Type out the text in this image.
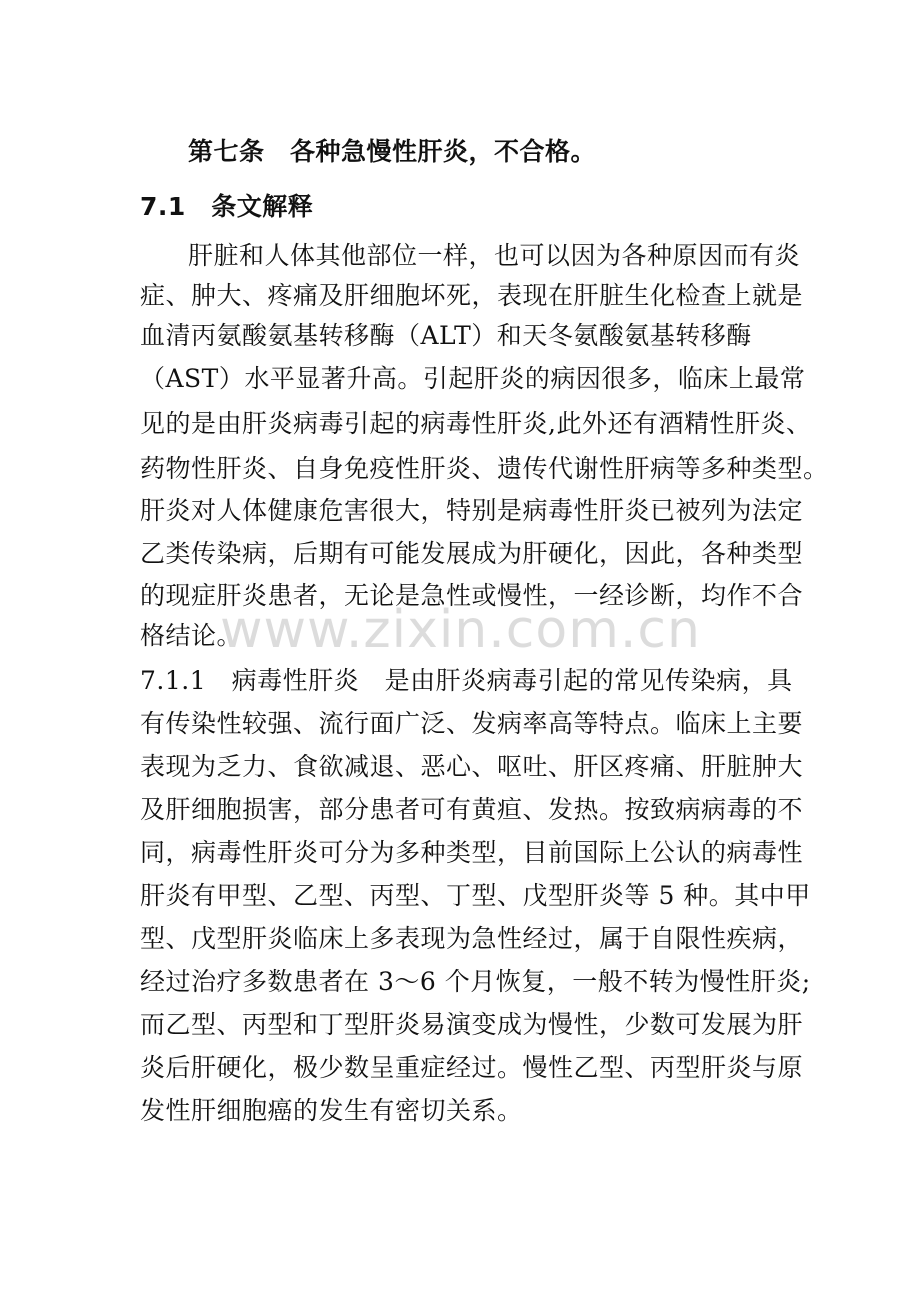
www.zixin.com.cn
第七条　各种急慢性肝炎，不合格。
7.1　条文解释
肝脏和人体其他部位一样，也可以因为各种原因而有炎
症、肿大、疼痛及肝细胞坏死，表现在肝脏生化检查上就是
血清丙氨酸氨基转移酶（ALT）和天冬氨酸氨基转移酶
（AST）水平显著升高。引起肝炎的病因很多，临床上最常
见的是由肝炎病毒引起的病毒性肝炎,此外还有酒精性肝炎、
药物性肝炎、自身免疫性肝炎、遗传代谢性肝病等多种类型。
肝炎对人体健康危害很大，特别是病毒性肝炎已被列为法定
乙类传染病，后期有可能发展成为肝硬化，因此，各种类型
的现症肝炎患者，无论是急性或慢性，一经诊断，均作不合
格结论。
7.1.1　病毒性肝炎　是由肝炎病毒引起的常见传染病，具
有传染性较强、流行面广泛、发病率高等特点。临床上主要
表现为乏力、食欲减退、恶心、呕吐、肝区疼痛、肝脏肿大
及肝细胞损害，部分患者可有黄疸、发热。按致病病毒的不
同，病毒性肝炎可分为多种类型，目前国际上公认的病毒性
肝炎有甲型、乙型、丙型、丁型、戊型肝炎等 5 种。其中甲
型、戊型肝炎临床上多表现为急性经过，属于自限性疾病，
经过治疗多数患者在 3～6 个月恢复，一般不转为慢性肝炎;
而乙型、丙型和丁型肝炎易演变成为慢性，少数可发展为肝
炎后肝硬化，极少数呈重症经过。慢性乙型、丙型肝炎与原
发性肝细胞癌的发生有密切关系。
